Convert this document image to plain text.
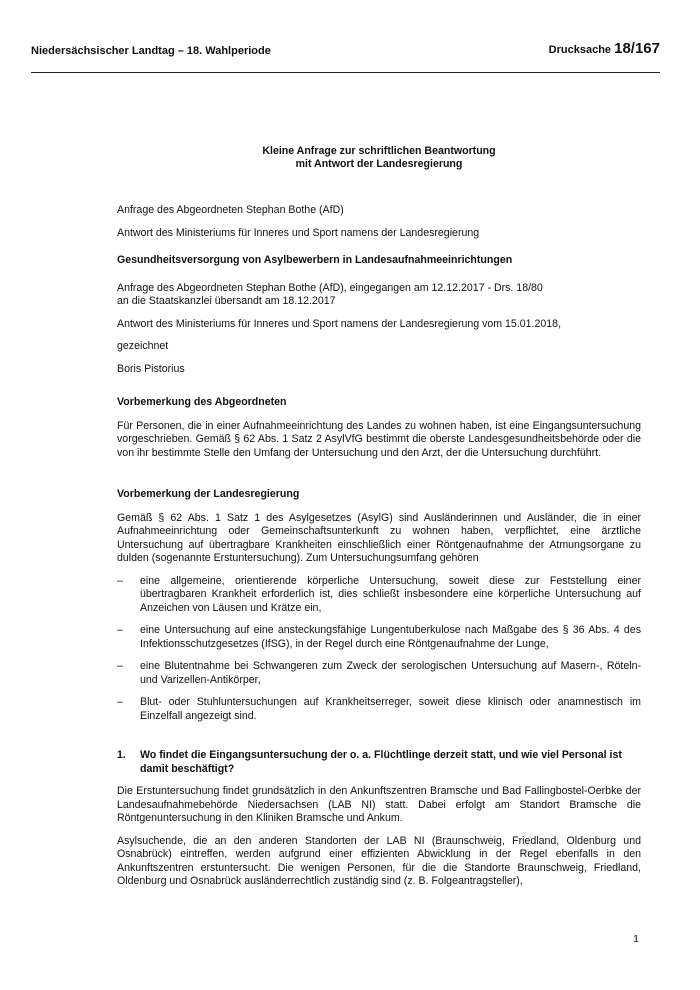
Niedersächsischer Landtag – 18. Wahlperiode	Drucksache 18/167
Kleine Anfrage zur schriftlichen Beantwortung
mit Antwort der Landesregierung

Anfrage des Abgeordneten Stephan Bothe (AfD)

Antwort des Ministeriums für Inneres und Sport namens der Landesregierung

Gesundheitsversorgung von Asylbewerbern in Landesaufnahmeeinrichtungen

Anfrage des Abgeordneten Stephan Bothe (AfD), eingegangen am 12.12.2017 - Drs. 18/80
an die Staatskanzlei übersandt am 18.12.2017

Antwort des Ministeriums für Inneres und Sport namens der Landesregierung vom 15.01.2018,

gezeichnet

Boris Pistorius

Vorbemerkung des Abgeordneten

Für Personen, die in einer Aufnahmeeinrichtung des Landes zu wohnen haben, ist eine Eingangsuntersuchung vorgeschrieben. Gemäß § 62 Abs. 1 Satz 2 AsylVfG bestimmt die oberste Landesgesundheitsbehörde oder die von ihr bestimmte Stelle den Umfang der Untersuchung und den Arzt, der die Untersuchung durchführt.

Vorbemerkung der Landesregierung

Gemäß § 62 Abs. 1 Satz 1 des Asylgesetzes (AsylG) sind Ausländerinnen und Ausländer, die in einer Aufnahmeeinrichtung oder Gemeinschaftsunterkunft zu wohnen haben, verpflichtet, eine ärztliche Untersuchung auf übertragbare Krankheiten einschließlich einer Röntgenaufnahme der Atmungsorgane zu dulden (sogenannte Erstuntersuchung). Zum Untersuchungsumfang gehören

– eine allgemeine, orientierende körperliche Untersuchung, soweit diese zur Feststellung einer übertragbaren Krankheit erforderlich ist, dies schließt insbesondere eine körperliche Untersuchung auf Anzeichen von Läusen und Krätze ein,
– eine Untersuchung auf eine ansteckungsfähige Lungentuberkulose nach Maßgabe des § 36 Abs. 4 des Infektionsschutzgesetzes (IfSG), in der Regel durch eine Röntgenaufnahme der Lunge,
– eine Blutentnahme bei Schwangeren zum Zweck der serologischen Untersuchung auf Masern-, Röteln- und Varizellen-Antikörper,
– Blut- oder Stuhluntersuchungen auf Krankheitserreger, soweit diese klinisch oder anamnestisch im Einzelfall angezeigt sind.
1. Wo findet die Eingangsuntersuchung der o. a. Flüchtlinge derzeit statt, und wie viel Personal ist damit beschäftigt?

Die Erstuntersuchung findet grundsätzlich in den Ankunftszentren Bramsche und Bad Fallingbostel-Oerbke der Landesaufnahmebehörde Niedersachsen (LAB NI) statt. Dabei erfolgt am Standort Bramsche die Röntgenuntersuchung in den Kliniken Bramsche und Ankum.

Asylsuchende, die an den anderen Standorten der LAB NI (Braunschweig, Friedland, Oldenburg und Osnabrück) eintreffen, werden aufgrund einer effizienten Abwicklung in der Regel ebenfalls in den Ankunftszentren erstuntersucht. Die wenigen Personen, für die die Standorte Braunschweig, Friedland, Oldenburg und Osnabrück ausländerrechtlich zuständig sind (z. B. Folgeantragsteller),

1
